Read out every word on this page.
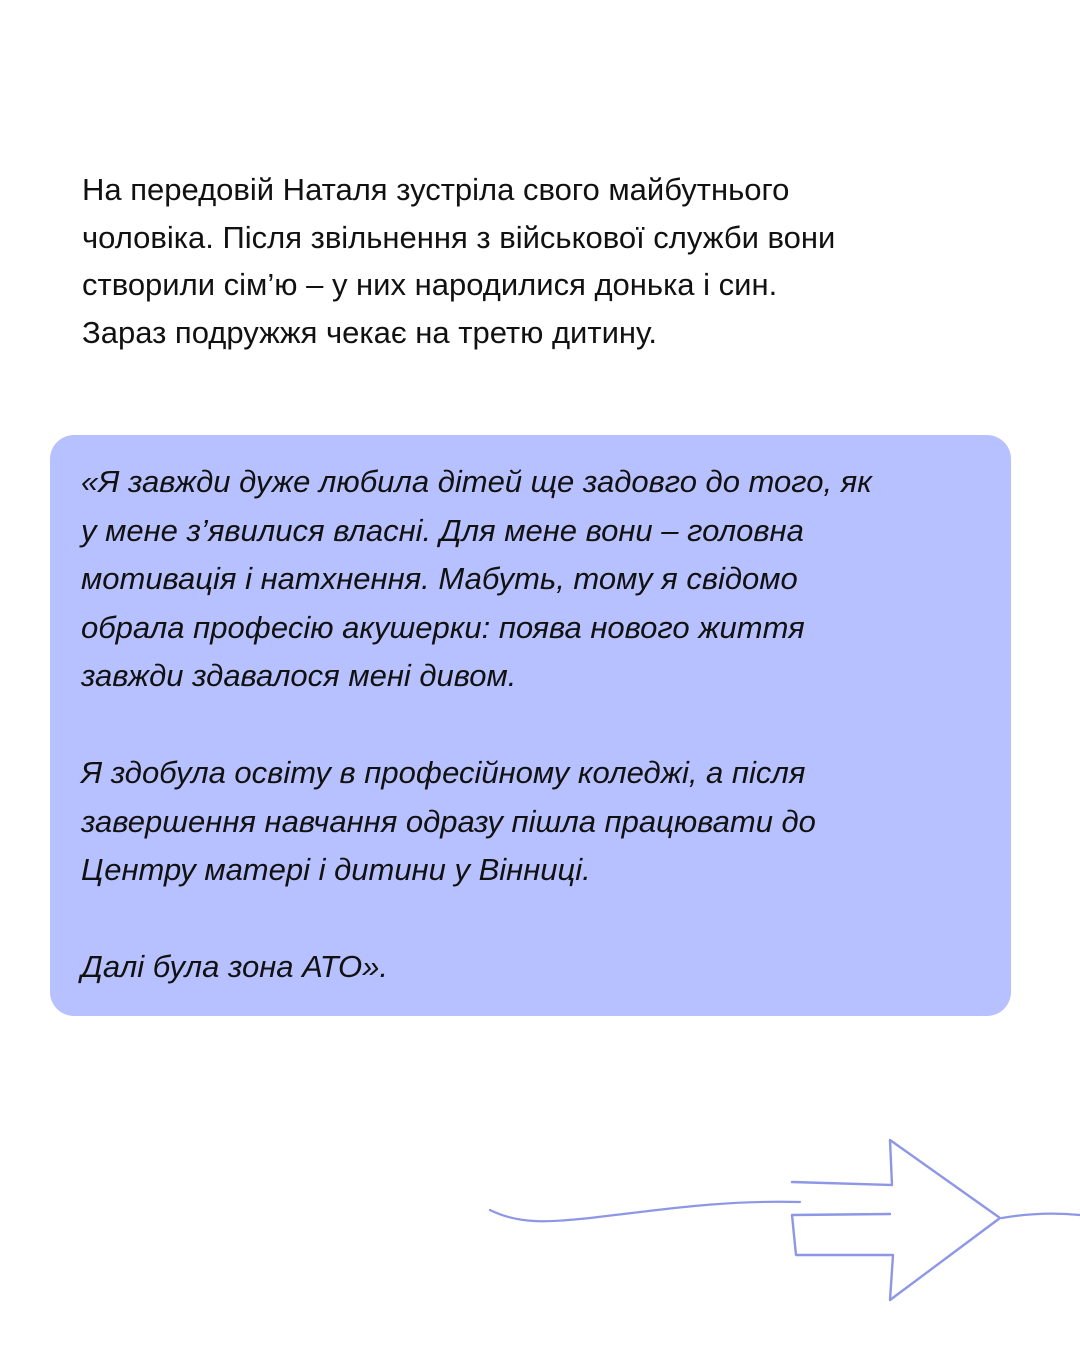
На передовій Наталя зустріла свого майбутнього
чоловіка. Після звільнення з військової служби вони
створили сім’ю – у них народилися донька і син.
Зараз подружжя чекає на третю дитину.

«Я завжди дуже любила дітей ще задовго до того, як
у мене з’явилися власні. Для мене вони – головна
мотивація і натхнення. Мабуть, тому я свідомо
обрала професію акушерки: поява нового життя
завжди здавалося мені дивом.
Я здобула освіту в професійному коледжі, а після
завершення навчання одразу пішла працювати до
Центру матері і дитини у Вінниці.
Далі була зона АТО».
